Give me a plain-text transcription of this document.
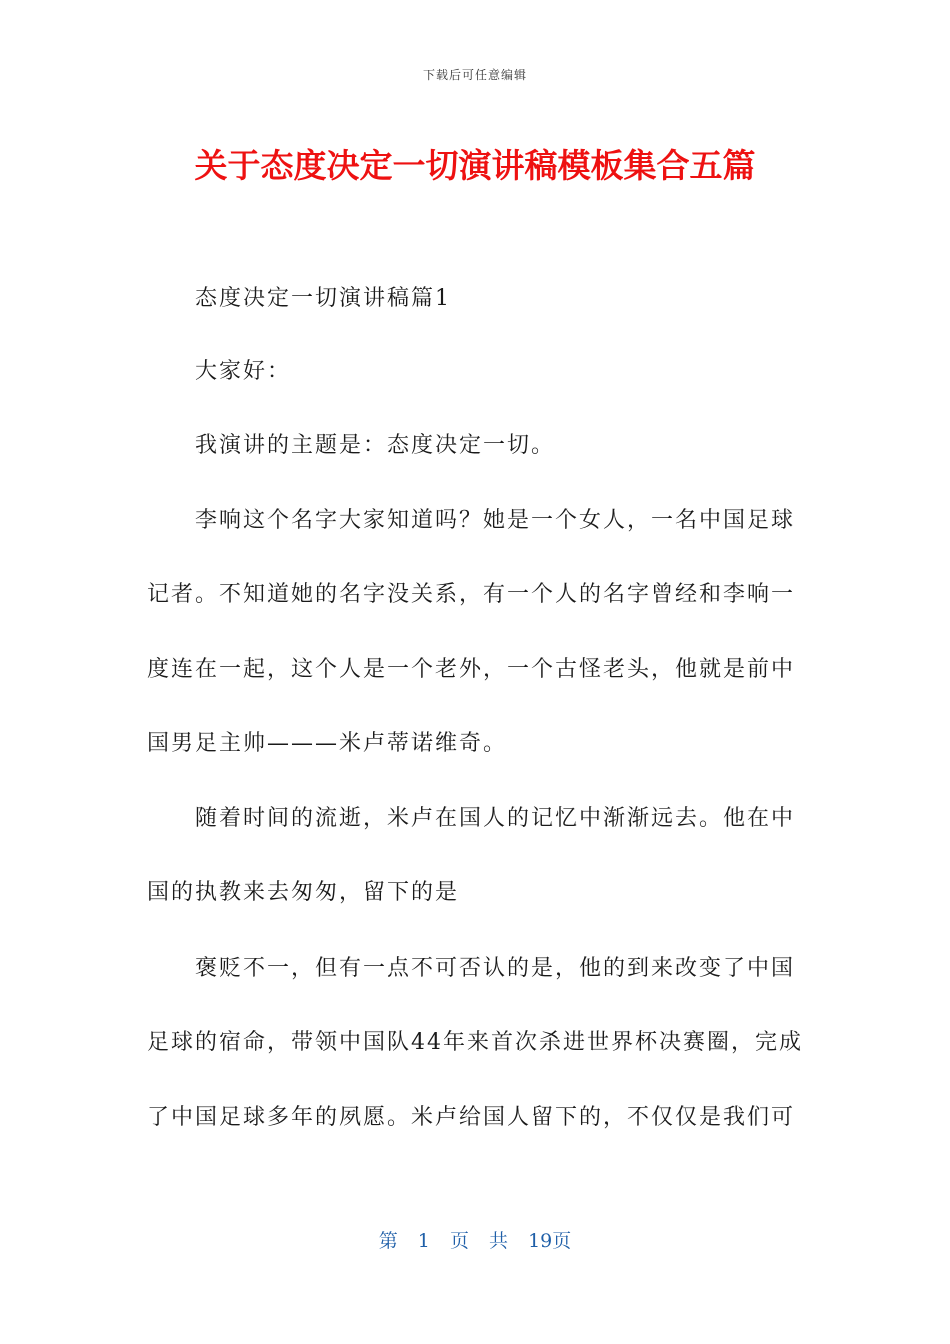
下载后可任意编辑
关于态度决定一切演讲稿模板集合五篇
态度决定一切演讲稿篇1
大家好：
我演讲的主题是：态度决定一切。
李响这个名字大家知道吗？她是一个女人，一名中国足球
记者。不知道她的名字没关系，有一个人的名字曾经和李响一
度连在一起，这个人是一个老外，一个古怪老头，他就是前中
国男足主帅———米卢蒂诺维奇。
随着时间的流逝，米卢在国人的记忆中渐渐远去。他在中
国的执教来去匆匆，留下的是
褒贬不一，但有一点不可否认的是，他的到来改变了中国
足球的宿命，带领中国队44年来首次杀进世界杯决赛圈，完成
了中国足球多年的夙愿。米卢给国人留下的，不仅仅是我们可
第 1 页 共 19页
